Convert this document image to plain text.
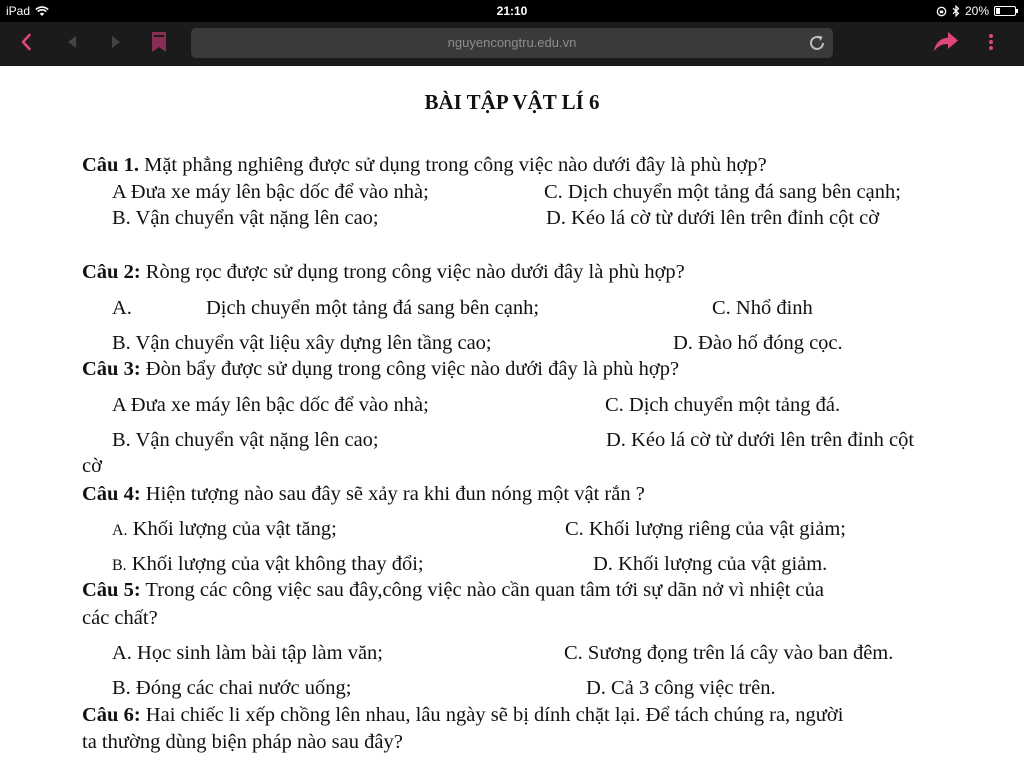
iPad	21:10	20%
nguyencongtru.edu.vn
BÀI TẬP VẬT LÍ 6
Câu 1. Mặt phẳng nghiêng được sử dụng trong công việc nào dưới đây là phù hợp?
A Đưa xe máy lên bậc dốc để vào nhà;	C. Dịch chuyển một tảng đá sang bên cạnh;
B. Vận chuyển vật nặng lên cao;	D. Kéo lá cờ từ dưới lên trên đỉnh cột cờ
Câu 2: Ròng rọc được sử dụng trong công việc nào dưới đây là phù hợp?
A.	Dịch chuyển một tảng đá sang bên cạnh;	C. Nhổ đinh
B. Vận chuyển vật liệu xây dựng lên tầng cao;	D. Đào hố đóng cọc.
Câu 3: Đòn bẩy được sử dụng trong công việc nào dưới đây là phù hợp?
A Đưa xe máy lên bậc dốc để vào nhà;	C. Dịch chuyển một tảng đá.
B. Vận chuyển vật nặng lên cao;	D. Kéo lá cờ từ dưới lên trên đỉnh cột
cờ
Câu 4: Hiện tượng nào sau đây sẽ xảy ra khi đun nóng một vật rắn ?
A. Khối lượng của vật tăng;	C. Khối lượng riêng của vật giảm;
B. Khối lượng của vật không thay đổi;	D. Khối lượng của vật giảm.
Câu 5: Trong các công việc sau đây,công việc nào cần quan tâm tới sự dãn nở vì nhiệt của
các chất?
A. Học sinh làm bài tập làm văn;	C. Sương đọng trên lá cây vào ban đêm.
B. Đóng các chai nước uống;	D. Cả 3 công việc trên.
Câu 6: Hai chiếc li xếp chồng lên nhau, lâu ngày sẽ bị dính chặt lại. Để tách chúng ra, người
ta thường dùng biện pháp nào sau đây?
